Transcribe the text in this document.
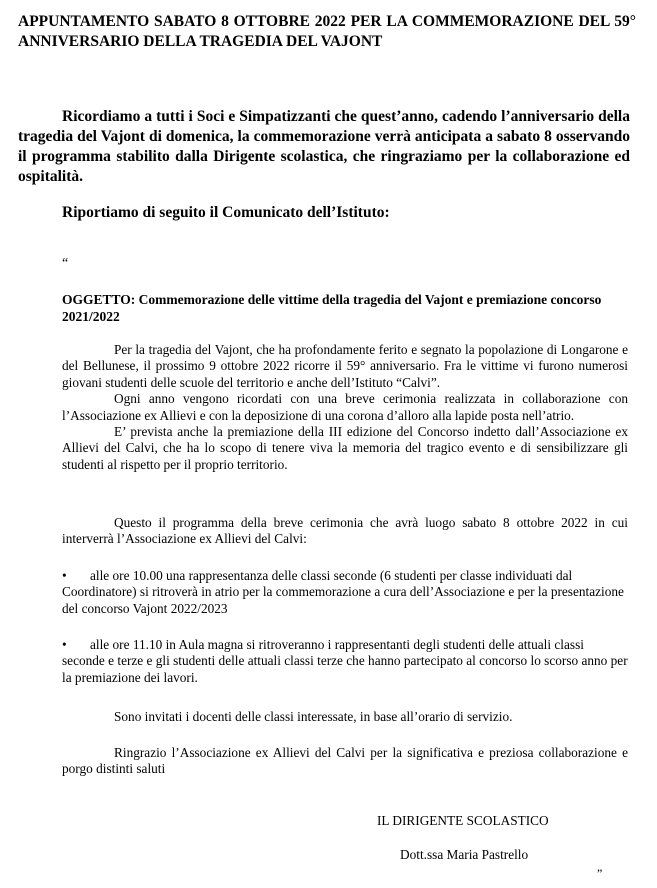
APPUNTAMENTO SABATO 8 OTTOBRE 2022 PER LA COMMEMORAZIONE DEL 59° ANNIVERSARIO DELLA TRAGEDIA DEL VAJONT
Ricordiamo a tutti i Soci e Simpatizzanti che quest’anno, cadendo l’anniversario della tragedia del Vajont di domenica, la commemorazione verrà anticipata a sabato 8 osservando il programma stabilito dalla Dirigente scolastica, che ringraziamo per la collaborazione ed ospitalità.
Riportiamo di seguito il Comunicato dell’Istituto:
“
OGGETTO: Commemorazione delle vittime della tragedia del Vajont e premiazione concorso 2021/2022
Per la tragedia del Vajont, che ha profondamente ferito e segnato la popolazione di Longarone e del Bellunese, il prossimo 9 ottobre 2022 ricorre il 59° anniversario. Fra le vittime vi furono numerosi giovani studenti delle scuole del territorio e anche dell’Istituto “Calvi”.
Ogni anno vengono ricordati con una breve cerimonia realizzata in collaborazione con l’Associazione ex Allievi e con la deposizione di una corona d’alloro alla lapide posta nell’atrio.
E’ prevista anche la premiazione della III edizione del Concorso indetto dall’Associazione ex Allievi del Calvi, che ha lo scopo di tenere viva la memoria del tragico evento e di sensibilizzare gli studenti al rispetto per il proprio territorio.
Questo il programma della breve cerimonia che avrà luogo sabato 8 ottobre 2022 in cui interverrà l’Associazione ex Allievi del Calvi:
•	alle ore 10.00 una rappresentanza delle classi seconde (6 studenti per classe individuati dal Coordinatore) si ritroverà in atrio per la commemorazione a cura dell’Associazione e per la presentazione del concorso Vajont 2022/2023
•	alle ore 11.10 in Aula magna si ritroveranno i rappresentanti degli studenti delle attuali classi seconde e terze e gli studenti delle attuali classi terze che hanno partecipato al concorso lo scorso anno per la premiazione dei lavori.
Sono invitati i docenti delle classi interessate, in base all’orario di servizio.
Ringrazio l’Associazione ex Allievi del Calvi per la significativa e preziosa collaborazione e porgo distinti saluti
IL DIRIGENTE SCOLASTICO
Dott.ssa Maria Pastrello
”
